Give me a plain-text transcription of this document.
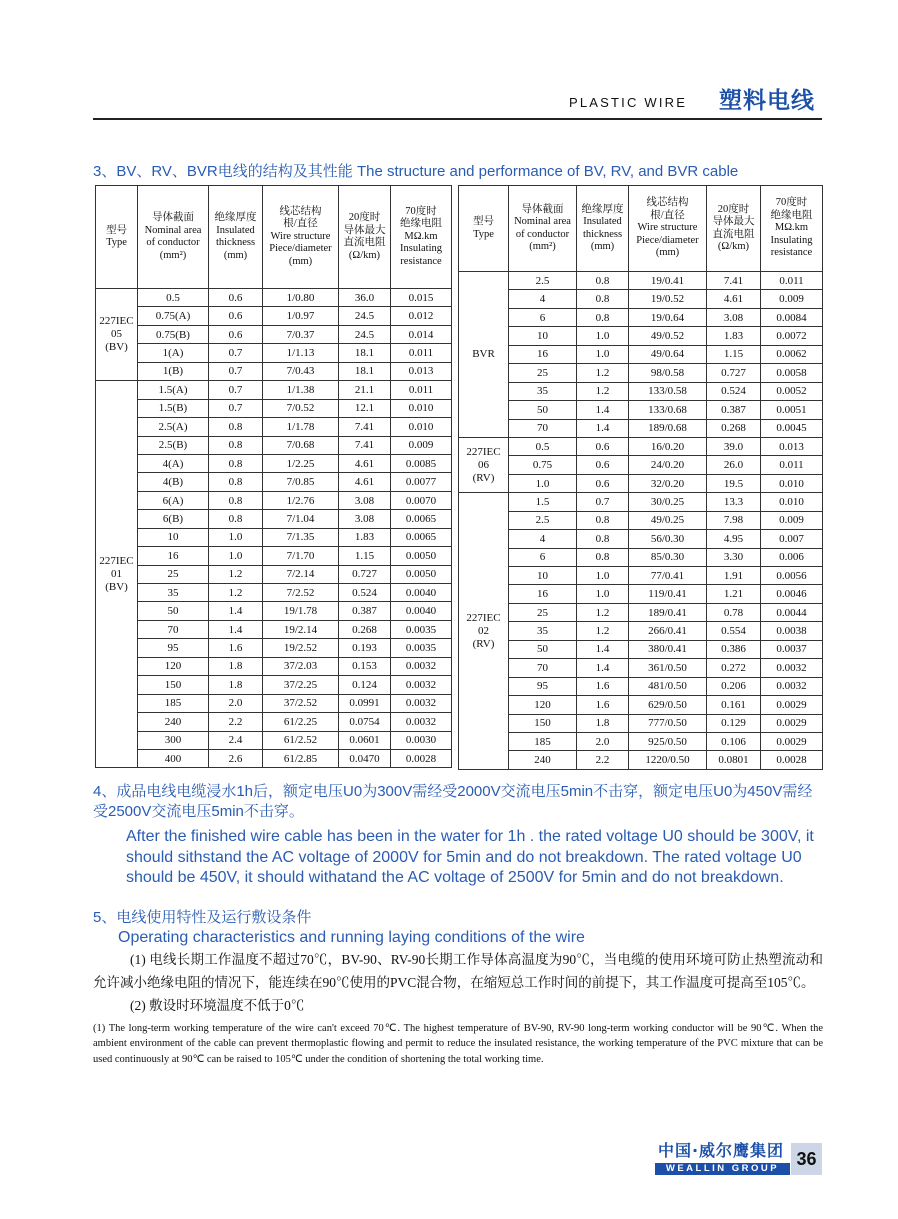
PLASTIC WIRE 塑料电线
3、BV、RV、BVR电线的结构及其性能 The structure and performance of BV, RV, and BVR cable
型号
Type	导体截面
Nominal area
of conductor
(mm²)	绝缘厚度
Insulated
thickness
(mm)	线芯结构
根/直径
Wire structure
Piece/diameter
(mm)	20度时
导体最大
直流电阻
(Ω/km)	70度时
绝缘电阻
MΩ.km
Insulating
resistance

227IEC
05
(BV)	0.5	0.6	1/0.80	36.0	0.015
	0.75(A)	0.6	1/0.97	24.5	0.012
	0.75(B)	0.6	7/0.37	24.5	0.014
	1(A)	0.7	1/1.13	18.1	0.011
	1(B)	0.7	7/0.43	18.1	0.013

227IEC
01
(BV)	1.5(A)	0.7	1/1.38	21.1	0.011
	1.5(B)	0.7	7/0.52	12.1	0.010
	2.5(A)	0.8	1/1.78	7.41	0.010
	2.5(B)	0.8	7/0.68	7.41	0.009
	4(A)	0.8	1/2.25	4.61	0.0085
	4(B)	0.8	7/0.85	4.61	0.0077
	6(A)	0.8	1/2.76	3.08	0.0070
	6(B)	0.8	7/1.04	3.08	0.0065
	10	1.0	7/1.35	1.83	0.0065
	16	1.0	7/1.70	1.15	0.0050
	25	1.2	7/2.14	0.727	0.0050
	35	1.2	7/2.52	0.524	0.0040
	50	1.4	19/1.78	0.387	0.0040
	70	1.4	19/2.14	0.268	0.0035
	95	1.6	19/2.52	0.193	0.0035
	120	1.8	37/2.03	0.153	0.0032
	150	1.8	37/2.25	0.124	0.0032
	185	2.0	37/2.52	0.0991	0.0032
	240	2.2	61/2.25	0.0754	0.0032
	300	2.4	61/2.52	0.0601	0.0030
	400	2.6	61/2.85	0.0470	0.0028
型号
Type	导体截面
Nominal area
of conductor
(mm²)	绝缘厚度
Insulated
thickness
(mm)	线芯结构
根/直径
Wire structure
Piece/diameter
(mm)	20度时
导体最大
直流电阻
(Ω/km)	70度时
绝缘电阻
MΩ.km
Insulating
resistance

BVR	2.5	0.8	19/0.41	7.41	0.011
	4	0.8	19/0.52	4.61	0.009
	6	0.8	19/0.64	3.08	0.0084
	10	1.0	49/0.52	1.83	0.0072
	16	1.0	49/0.64	1.15	0.0062
	25	1.2	98/0.58	0.727	0.0058
	35	1.2	133/0.58	0.524	0.0052
	50	1.4	133/0.68	0.387	0.0051
	70	1.4	189/0.68	0.268	0.0045

227IEC
06
(RV)	0.5	0.6	16/0.20	39.0	0.013
	0.75	0.6	24/0.20	26.0	0.011
	1.0	0.6	32/0.20	19.5	0.010

227IEC
02
(RV)	1.5	0.7	30/0.25	13.3	0.010
	2.5	0.8	49/0.25	7.98	0.009
	4	0.8	56/0.30	4.95	0.007
	6	0.8	85/0.30	3.30	0.006
	10	1.0	77/0.41	1.91	0.0056
	16	1.0	119/0.41	1.21	0.0046
	25	1.2	189/0.41	0.78	0.0044
	35	1.2	266/0.41	0.554	0.0038
	50	1.4	380/0.41	0.386	0.0037
	70	1.4	361/0.50	0.272	0.0032
	95	1.6	481/0.50	0.206	0.0032
	120	1.6	629/0.50	0.161	0.0029
	150	1.8	777/0.50	0.129	0.0029
	185	2.0	925/0.50	0.106	0.0029
	240	2.2	1220/0.50	0.0801	0.0028
4、成品电线电缆浸水1h后，额定电压U0为300V需经受2000V交流电压5min不击穿，额定电压U0为450V需经受2500V交流电压5min不击穿。
After the finished wire cable has been in the water for 1h . the rated voltage U0 should be 300V, it should sithstand the AC voltage of 2000V for 5min and do not breakdown. The rated voltage U0 should be 450V, it should withatand the AC voltage of 2500V for 5min and do not breakdown.
5、电线使用特性及运行敷设条件
Operating characteristics and running laying conditions of the wire
(1) 电线长期工作温度不超过70℃，BV-90、RV-90长期工作导体高温度为90℃，当电缆的使用环境可防止热塑流动和允许减小绝缘电阻的情况下，能连续在90℃使用的PVC混合物，在缩短总工作时间的前提下，其工作温度可提高至105℃。
(2) 敷设时环境温度不低于0℃
(1) The long-term working temperature of the wire can't exceed 70℃. The highest temperature of BV-90, RV-90 long-term working conductor will be 90℃. When the ambient environment of the cable can prevent thermoplastic flowing and permit to reduce the insulated resistance, the working temperature of the PVC mixture that can be used continuously at 90℃ can be raised to 105℃ under the condition of shortening the total working time.
中国·威尔鹰集团
WEALLIN GROUP 36
